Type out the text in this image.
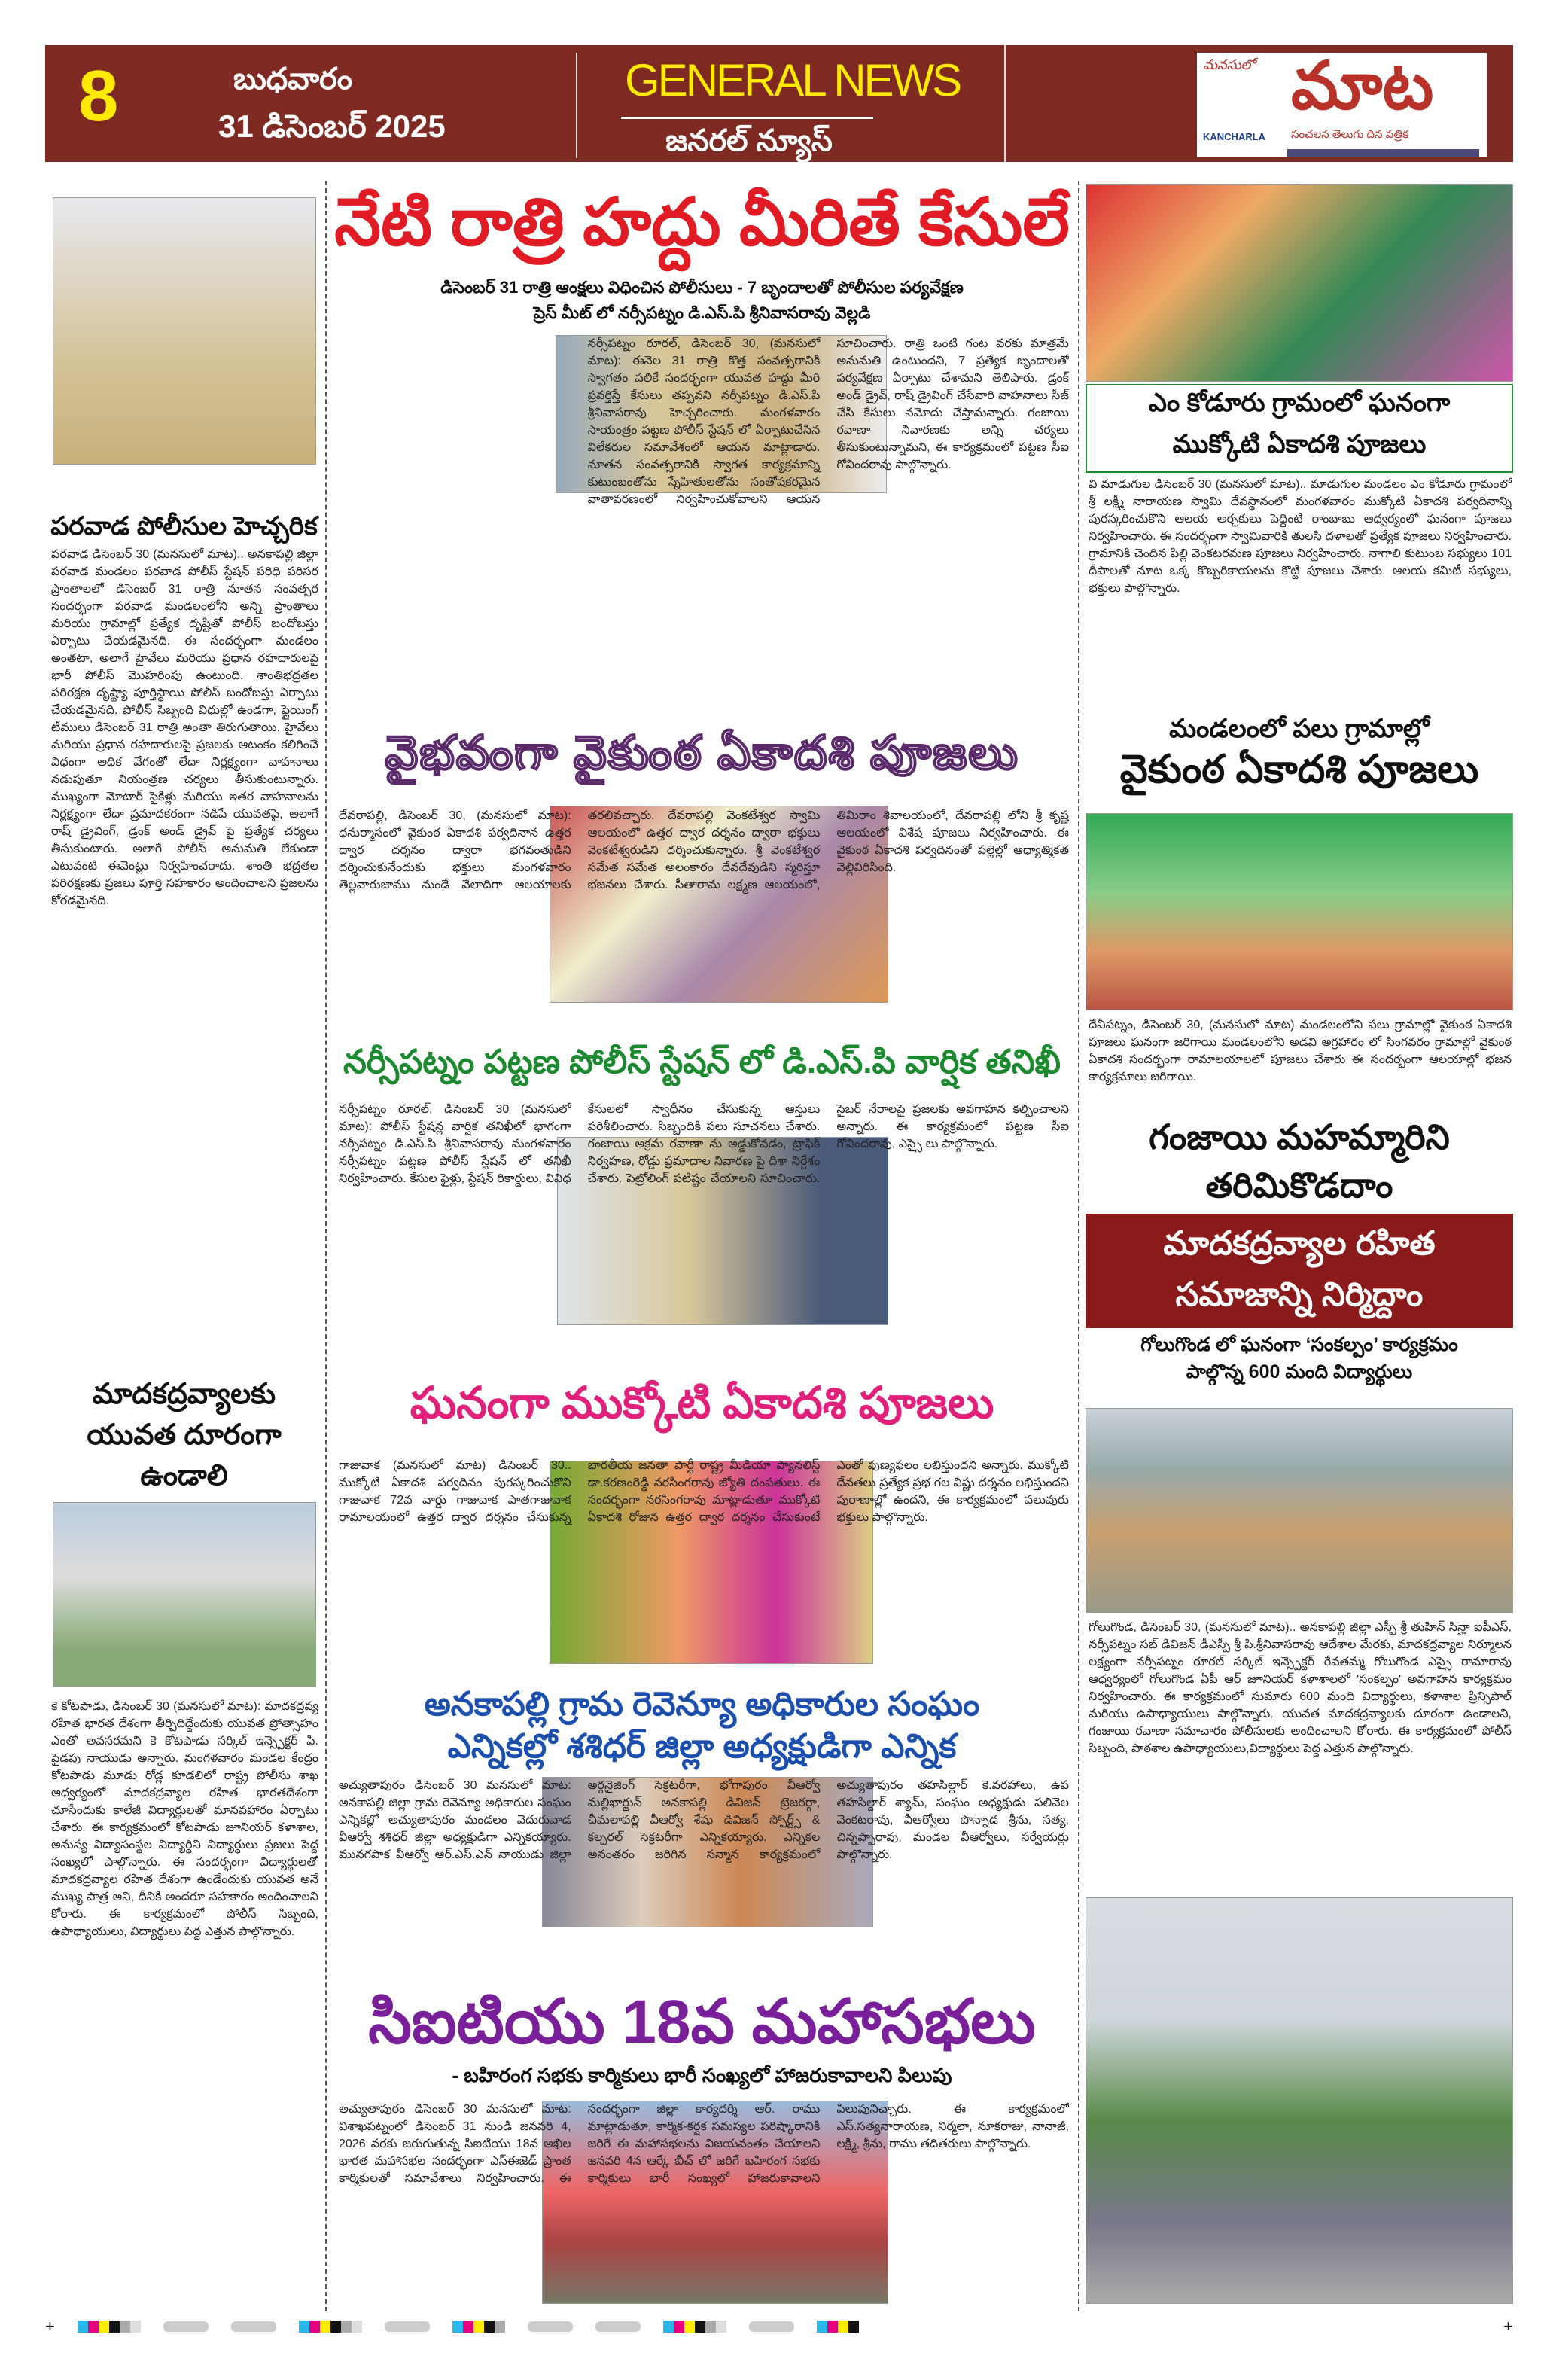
8	బుధవారం
31 డిసెంబర్ 2025
GENERAL NEWS
జనరల్ న్యూస్
మనసులో మాట
KANCHARLA సంచలన తెలుగు దిన పత్రిక
పరవాడ పోలీసుల హెచ్చరిక
పరవాడ డిసెంబర్ 30 (మనసులో మాట).. అనకాపల్లి జిల్లా పరవాడ మండలం పరవాడ పోలీస్ స్టేషన్ పరిధి పరిసర ప్రాంతాలలో డిసెంబర్ 31 రాత్రి నూతన సంవత్సర సందర్భంగా పరవాడ మండలంలోని అన్ని ప్రాంతాలు మరియు గ్రామాల్లో ప్రత్యేక దృష్టితో పోలీస్ బందోబస్తు ఏర్పాటు చేయడమైనది. ఈ సందర్భంగా మండలం అంతటా, అలాగే హైవేలు మరియు ప్రధాన రహదారులపై భారీ పోలీస్ మొహరింపు ఉంటుంది. శాంతిభద్రతల పరిరక్షణ దృష్ట్యా పూర్తిస్థాయి పోలీస్ బందోబస్తు ఏర్పాటు చేయడమైనది. పోలీస్ సిబ్బంది విధుల్లో ఉండగా, ఫ్లైయింగ్ టీములు డిసెంబర్ 31 రాత్రి అంతా తిరుగుతాయి. హైవేలు మరియు ప్రధాన రహదారులపై ప్రజలకు ఆటంకం కలిగించే విధంగా అధిక వేగంతో లేదా నిర్లక్ష్యంగా వాహనాలు నడుపుతూ నియంత్రణ చర్యలు తీసుకుంటున్నారు. ముఖ్యంగా మోటార్ సైకిళ్లు మరియు ఇతర వాహనాలను నిర్లక్ష్యంగా లేదా ప్రమాదకరంగా నడిపే యువతపై, అలాగే రాష్ డ్రైవింగ్, డ్రంక్ అండ్ డ్రైవ్ పై ప్రత్యేక చర్యలు తీసుకుంటారు. అలాగే పోలీస్ అనుమతి లేకుండా ఎటువంటి ఈవెంట్లు నిర్వహించరాదు. శాంతి భద్రతల పరిరక్షణకు ప్రజలు పూర్తి సహకారం అందించాలని ప్రజలను కోరడమైనది.
మాదకద్రవ్యాలకు యువత దూరంగా ఉండాలి
కె కోటపాడు, డిసెంబర్ 30 (మనసులో మాట): మాదకద్రవ్య రహిత భారత దేశంగా తీర్చిదిద్దేందుకు యువత ప్రోత్సాహం ఎంతో అవసరమని కె కోటపాడు సర్కిల్ ఇన్స్పెక్టర్ పి. పైడపు నాయుడు అన్నారు. మంగళవారం మండల కేంద్రం కోటపాడు మూడు రోడ్ల కూడలిలో రాష్ట్ర పోలీసు శాఖ ఆధ్వర్యంలో మాదకద్రవ్యాల రహిత భారతదేశంగా చూసేందుకు కాలేజీ విద్యార్థులతో మానవహారం ఏర్పాటు చేశారు. ఈ కార్యక్రమంలో కోటపాడు జూనియర్ కళాశాల, అనుస్య విద్యాసంస్థల విద్యార్థిని విద్యార్థులు ప్రజలు పెద్ద సంఖ్యలో పాల్గొన్నారు. ఈ సందర్భంగా విద్యార్థులతో మాదకద్రవ్యాల రహిత దేశంగా ఉండేందుకు యువత అనే ముఖ్య పాత్ర అని, దీనికి అందరూ సహకారం అందించాలని కోరారు. ఈ కార్యక్రమంలో పోలీస్ సిబ్బంది, ఉపాధ్యాయులు, విద్యార్థులు పెద్ద ఎత్తున పాల్గొన్నారు.
నేటి రాత్రి హద్దు మీరితే కేసులే
డిసెంబర్ 31 రాత్రి ఆంక్షలు విధించిన పోలీసులు - 7 బృందాలతో పోలీసుల పర్యవేక్షణ
ప్రెస్ మీట్ లో నర్సీపట్నం డి.ఎస్.పి శ్రీనివాసరావు వెల్లడి
నర్సీపట్నం రూరల్, డిసెంబర్ 30, (మనసులో మాట): ఈనెల 31 రాత్రి కొత్త సంవత్సరానికి స్వాగతం పలికే సందర్భంగా యువత హద్దు మీరి ప్రవర్తిస్తే కేసులు తప్పవని నర్సీపట్నం డి.ఎస్.పి శ్రీనివాసరావు హెచ్చరించారు. మంగళవారం సాయంత్రం పట్టణ పోలీస్ స్టేషన్ లో ఏర్పాటుచేసిన విలేకరుల సమావేశంలో ఆయన మాట్లాడారు. నూతన సంవత్సరానికి స్వాగత కార్యక్రమాన్ని కుటుంబంతోను స్నేహితులతోను సంతోషకరమైన వాతావరణంలో నిర్వహించుకోవాలని ఆయన సూచించారు. రాత్రి ఒంటి గంట వరకు మాత్రమే అనుమతి ఉంటుందని, 7 ప్రత్యేక బృందాలతో పర్యవేక్షణ ఏర్పాటు చేశామని తెలిపారు. డ్రంక్ అండ్ డ్రైవ్, రాష్ డ్రైవింగ్ చేసేవారి వాహనాలు సీజ్ చేసి కేసులు నమోదు చేస్తామన్నారు. గంజాయి రవాణా నివారణకు అన్ని చర్యలు తీసుకుంటున్నామని, ఈ కార్యక్రమంలో పట్టణ సీఐ గోవిందరావు పాల్గొన్నారు.
వైభవంగా వైకుంఠ ఏకాదశి పూజలు
దేవరాపల్లి, డిసెంబర్ 30, (మనసులో మాట): ధనుర్మాసంలో వైకుంఠ ఏకాదశి పర్వదినాన ఉత్తర ద్వార దర్శనం ద్వారా భగవంతుడిని దర్శించుకునేందుకు భక్తులు మంగళవారం తెల్లవారుజాము నుండే వేలాదిగా ఆలయాలకు తరలివచ్చారు. దేవరాపల్లి వెంకటేశ్వర స్వామి ఆలయంలో ఉత్తర ద్వార దర్శనం ద్వారా భక్తులు వెంకటేశ్వరుడిని దర్శించుకున్నారు. శ్రీ వెంకటేశ్వర సమేత సమేత అలంకారం దేవదేవుడిని స్మరిస్తూ భజనలు చేశారు. సీతారామ లక్ష్మణ ఆలయంలో, తిమిరాం శివాలయంలో, దేవరాపల్లి లోని శ్రీ కృష్ణ ఆలయంలో విశేష పూజలు నిర్వహించారు. ఈ వైకుంఠ ఏకాదశి పర్వదినంతో పల్లెల్లో ఆధ్యాత్మికత వెల్లివిరిసింది.
నర్సీపట్నం పట్టణ పోలీస్ స్టేషన్ లో డి.ఎస్.పి వార్షిక తనిఖీ
నర్సీపట్నం రూరల్, డిసెంబర్ 30 (మనసులో మాట): పోలీస్ స్టేషన్ల వార్షిక తనిఖీలో భాగంగా నర్సీపట్నం డి.ఎస్.పి శ్రీనివాసరావు మంగళవారం నర్సీపట్నం పట్టణ పోలీస్ స్టేషన్ లో తనిఖీ నిర్వహించారు. కేసుల ఫైళ్లు, స్టేషన్ రికార్డులు, వివిధ కేసులలో స్వాధీనం చేసుకున్న ఆస్తులు పరిశీలించారు. సిబ్బందికి పలు సూచనలు చేశారు. గంజాయి అక్రమ రవాణా ను అడ్డుకోవడం, ట్రాఫిక్ నిర్వహణ, రోడ్డు ప్రమాదాల నివారణ పై దిశా నిర్దేశం చేశారు. పెట్రోలింగ్ పటిష్టం చేయాలని సూచించారు. సైబర్ నేరాలపై ప్రజలకు అవగాహన కల్పించాలని అన్నారు. ఈ కార్యక్రమంలో పట్టణ సీఐ గోవిందరావు, ఎస్సై లు పాల్గొన్నారు.
ఘనంగా ముక్కోటి ఏకాదశి పూజలు
గాజువాక (మనసులో మాట) డిసెంబర్ 30.. ముక్కోటి ఏకాదశి పర్వదినం పురస్కరించుకొని గాజువాక 72వ వార్డు గాజువాక పాతగాజువాక రామాలయంలో ఉత్తర ద్వార దర్శనం చేసుకున్న భారతీయ జనతా పార్టీ రాష్ట్ర మీడియా ప్యానలిస్ట్ డా.కరణంరెడ్డి నరసింగరావు జ్యోతి దంపతులు. ఈ సందర్భంగా నరసింగరావు మాట్లాడుతూ ముక్కోటి ఏకాదశి రోజున ఉత్తర ద్వార దర్శనం చేసుకుంటే ఎంతో పుణ్యఫలం లభిస్తుందని అన్నారు. ముక్కోటి దేవతలు ప్రత్యేక ప్రభ గల విష్ణు దర్శనం లభిస్తుందని పురాణాల్లో ఉందని, ఈ కార్యక్రమంలో పలువురు భక్తులు పాల్గొన్నారు.
అనకాపల్లి గ్రామ రెవెన్యూ అధికారుల సంఘం
ఎన్నికల్లో శశిధర్ జిల్లా అధ్యక్షుడిగా ఎన్నిక
అచ్యుతాపురం డిసెంబర్ 30 మనసులో మాట: అనకాపల్లి జిల్లా గ్రామ రెవెన్యూ అధికారుల సంఘం ఎన్నికల్లో అచ్యుతాపురం మండలం వెదురువాడ వీఆర్వో శశిధర్ జిల్లా అధ్యక్షుడిగా ఎన్నికయ్యారు. మునగపాక వీఆర్వో ఆర్.ఎస్.ఎన్ నాయుడు జిల్లా అర్గనైజింగ్ సెక్రటరీగా, భోగాపురం వీఆర్వో మల్లిఖార్జున్ అనకాపల్లి డివిజన్ ట్రెజరర్గా, చీమలాపల్లి వీఆర్వో శేషు డివిజన్ స్పోర్ట్స్ & కల్చరల్ సెక్రటరీగా ఎన్నికయ్యారు. ఎన్నికల అనంతరం జరిగిన సన్మాన కార్యక్రమంలో అచ్యుతాపురం తహసిల్దార్ కె.వరహాలు, ఉప తహసిల్దార్ శ్యామ్, సంఘం అధ్యక్షుడు పలివెల వెంకటరావు, వీఆర్వోలు పొన్నాడ శ్రీను, సత్య, చిన్నప్పారావు, మండల వీఆర్వోలు, సర్వేయర్లు పాల్గొన్నారు.
సిఐటియు 18వ మహాసభలు
- బహిరంగ సభకు కార్మికులు భారీ సంఖ్యలో హాజరుకావాలని పిలుపు
అచ్యుతాపురం డిసెంబర్ 30 మనసులో మాట: విశాఖపట్నంలో డిసెంబర్ 31 నుండి జనవరి 4, 2026 వరకు జరుగుతున్న సిఐటియు 18వ అఖిల భారత మహాసభల సందర్భంగా ఎస్ఈజెడ్ ప్రాంత కార్మికులతో సమావేశాలు నిర్వహించారు. ఈ సందర్భంగా జిల్లా కార్యదర్శి ఆర్. రాము మాట్లాడుతూ, కార్మిక-కర్షక సమస్యల పరిష్కారానికి జరిగే ఈ మహాసభలను విజయవంతం చేయాలని జనవరి 4న ఆర్కే బీచ్ లో జరిగే బహిరంగ సభకు కార్మికులు భారీ సంఖ్యలో హాజరుకావాలని పిలుపునిచ్చారు. ఈ కార్యక్రమంలో ఎస్.సత్యనారాయణ, నిర్మలా, నూకరాజు, నానాజీ, లక్ష్మి, శ్రీను, రాము తదితరులు పాల్గొన్నారు.
ఎం కోడూరు గ్రామంలో ఘనంగా
ముక్కోటి ఏకాదశి పూజలు
వి మాడుగుల డిసెంబర్ 30 (మనసులో మాట).. మాడుగుల మండలం ఎం కోడూరు గ్రామంలో శ్రీ లక్ష్మీ నారాయణ స్వామి దేవస్థానంలో మంగళవారం ముక్కోటి ఏకాదశి పర్వదినాన్ని పురస్కరించుకొని ఆలయ అర్చకులు పెద్దింటి రాంబాబు ఆధ్వర్యంలో ఘనంగా పూజలు నిర్వహించారు. ఈ సందర్భంగా స్వామివారికి తులసి దళాలతో ప్రత్యేక పూజలు నిర్వహించారు. గ్రామానికి చెందిన పిల్లి వెంకటరమణ పూజలు నిర్వహించారు. నాగాలి కుటుంబ సభ్యులు 101 దీపాలతో నూట ఒక్క కొబ్బరికాయలను కొట్టి పూజలు చేశారు. ఆలయ కమిటీ సభ్యులు, భక్తులు పాల్గొన్నారు.
మండలంలో పలు గ్రామాల్లో
వైకుంఠ ఏకాదశి పూజలు
దేవీపట్నం, డిసెంబర్ 30, (మనసులో మాట) మండలంలోని పలు గ్రామాల్లో వైకుంఠ ఏకాదశి పూజలు ఘనంగా జరిగాయి మండలంలోని అడవి అగ్రహారం లో సింగవరం గ్రామాల్లో వైకుంఠ ఏకాదశి సందర్భంగా రామాలయాలలో పూజలు చేశారు ఈ సందర్భంగా ఆలయాల్లో భజన కార్యక్రమాలు జరిగాయి.
గంజాయి మహమ్మారిని తరిమికొడదాం
మాదకద్రవ్యాల రహిత సమాజాన్ని నిర్మిద్దాం
గోలుగొండ లో ఘనంగా ‘సంకల్పం’ కార్యక్రమం
పాల్గొన్న 600 మంది విద్యార్థులు
గోలుగొండ, డిసెంబర్ 30, (మనసులో మాట).. అనకాపల్లి జిల్లా ఎస్పీ శ్రీ తుహిన్ సిన్హా ఐపీఎస్, నర్సీపట్నం సబ్ డివిజన్ డీఎస్పీ శ్రీ పి.శ్రీనివాసరావు ఆదేశాల మేరకు, మాదకద్రవ్యాల నిర్మూలన లక్ష్యంగా నర్సీపట్నం రూరల్ సర్కిల్ ఇన్స్పెక్టర్ రేవతమ్మ గోలుగొండ ఎస్సై రామారావు ఆధ్వర్యంలో గోలుగొండ ఏపీ ఆర్ జూనియర్ కళాశాలలో 'సంకల్పం' అవగాహన కార్యక్రమం నిర్వహించారు. ఈ కార్యక్రమంలో సుమారు 600 మంది విద్యార్థులు, కళాశాల ప్రిన్సిపాల్ మరియు ఉపాధ్యాయులు పాల్గొన్నారు. యువత మాదకద్రవ్యాలకు దూరంగా ఉండాలని, గంజాయి రవాణా సమాచారం పోలీసులకు అందించాలని కోరారు. ఈ కార్యక్రమంలో పోలీస్ సిబ్బంది, పాఠశాల ఉపాధ్యాయులు,విద్యార్థులు పెద్ద ఎత్తున పాల్గొన్నారు.
+	+
